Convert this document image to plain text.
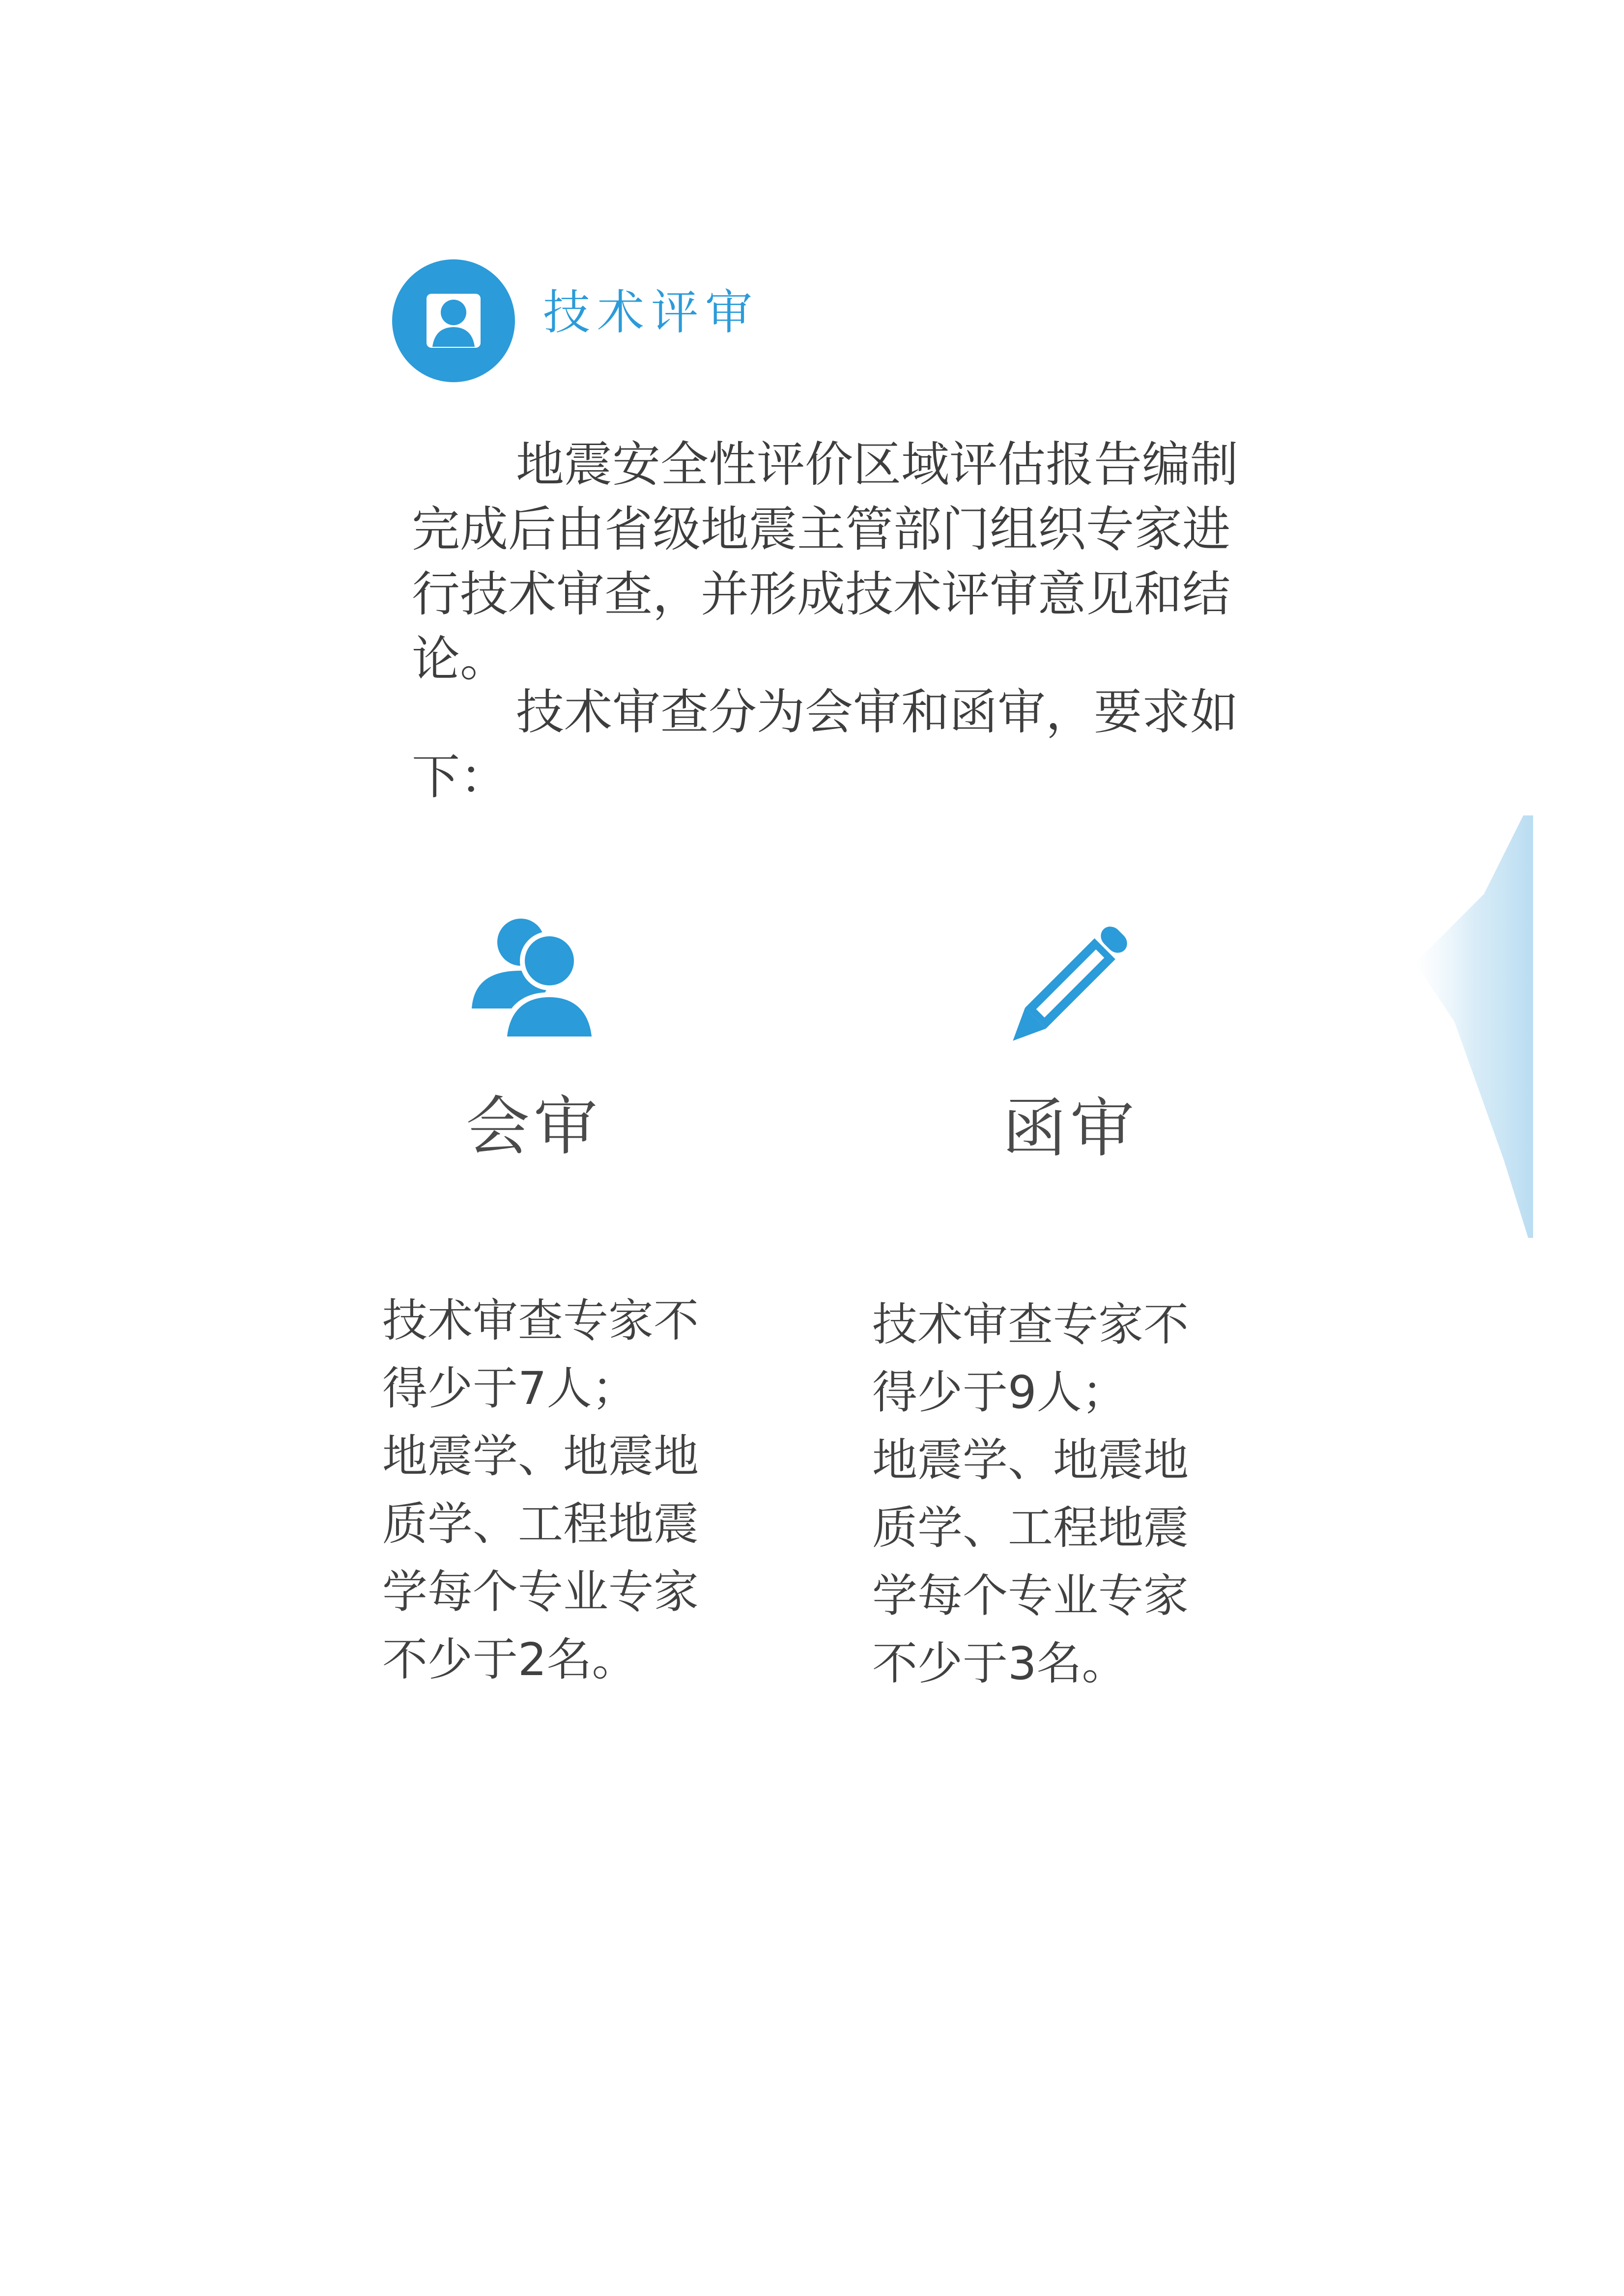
技术评审
地震安全性评价区域评估报告编制
完成后由省级地震主管部门组织专家进
行技术审查，并形成技术评审意见和结
论。
技术审查分为会审和函审，要求如
下：
会审	函审
技术审查专家不
得少于7人；
地震学、地震地
质学、工程地震
学每个专业专家
不少于2名。
技术审查专家不
得少于9人；
地震学、地震地
质学、工程地震
学每个专业专家
不少于3名。
